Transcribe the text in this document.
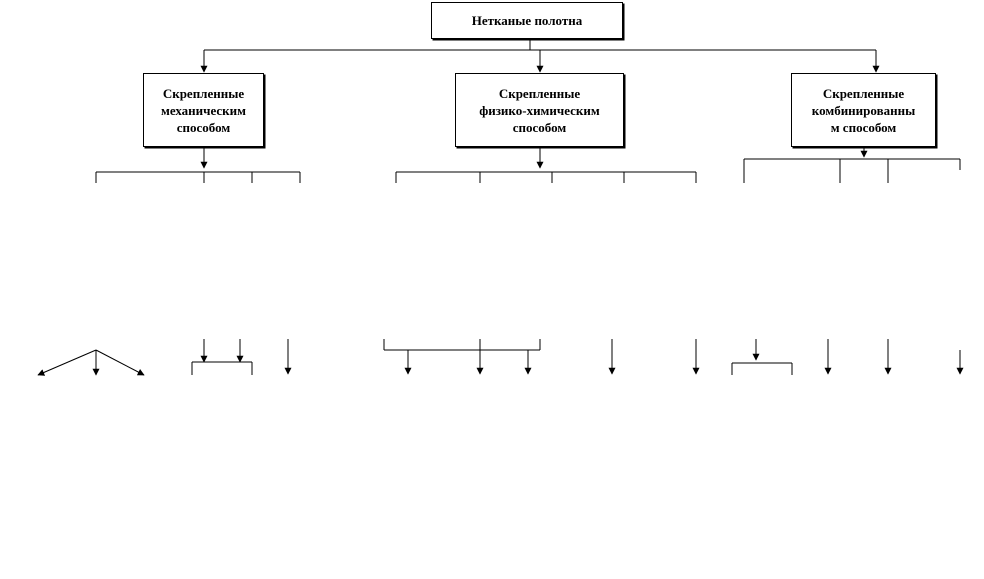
Нетканые полотна
Скрепленные
механическим
способом
Скрепленные
физико-химическим
способом
Скрепленные
комбинированны
м способом
